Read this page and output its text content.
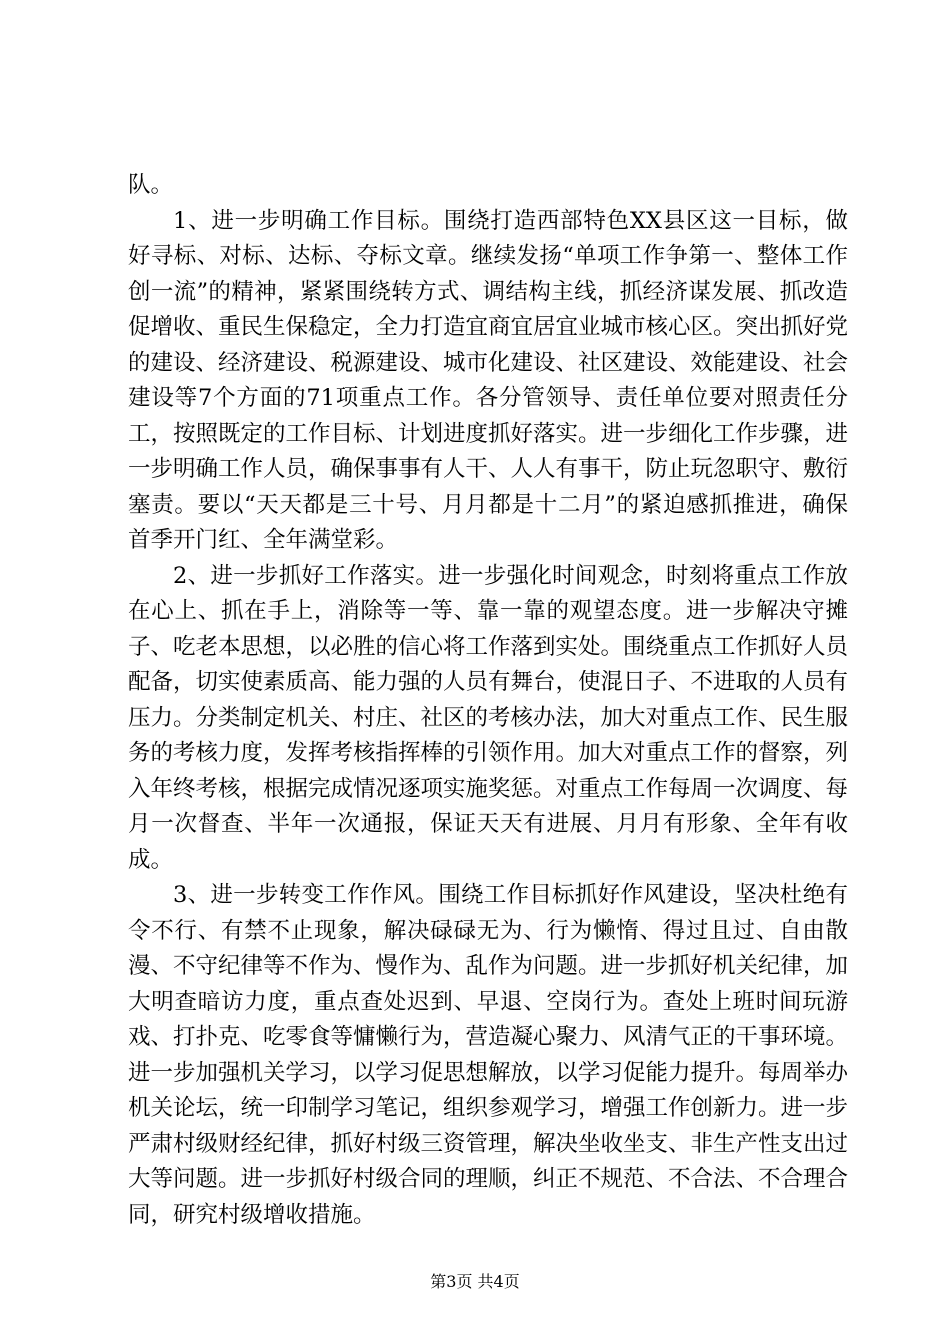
队。

1、进一步明确工作目标。围绕打造西部特色XX县区这一目标，做好寻标、对标、达标、夺标文章。继续发扬“单项工作争第一、整体工作创一流”的精神，紧紧围绕转方式、调结构主线，抓经济谋发展、抓改造促增收、重民生保稳定，全力打造宜商宜居宜业城市核心区。突出抓好党的建设、经济建设、税源建设、城市化建设、社区建设、效能建设、社会建设等7个方面的71项重点工作。各分管领导、责任单位要对照责任分工，按照既定的工作目标、计划进度抓好落实。进一步细化工作步骤，进一步明确工作人员，确保事事有人干、人人有事干，防止玩忽职守、敷衍塞责。要以“天天都是三十号、月月都是十二月”的紧迫感抓推进，确保首季开门红、全年满堂彩。

2、进一步抓好工作落实。进一步强化时间观念，时刻将重点工作放在心上、抓在手上，消除等一等、靠一靠的观望态度。进一步解决守摊子、吃老本思想，以必胜的信心将工作落到实处。围绕重点工作抓好人员配备，切实使素质高、能力强的人员有舞台，使混日子、不进取的人员有压力。分类制定机关、村庄、社区的考核办法，加大对重点工作、民生服务的考核力度，发挥考核指挥棒的引领作用。加大对重点工作的督察，列入年终考核，根据完成情况逐项实施奖惩。对重点工作每周一次调度、每月一次督查、半年一次通报，保证天天有进展、月月有形象、全年有收成。

3、进一步转变工作作风。围绕工作目标抓好作风建设，坚决杜绝有令不行、有禁不止现象，解决碌碌无为、行为懒惰、得过且过、自由散漫、不守纪律等不作为、慢作为、乱作为问题。进一步抓好机关纪律，加大明查暗访力度，重点查处迟到、早退、空岗行为。查处上班时间玩游戏、打扑克、吃零食等慵懒行为，营造凝心聚力、风清气正的干事环境。进一步加强机关学习，以学习促思想解放，以学习促能力提升。每周举办机关论坛，统一印制学习笔记，组织参观学习，增强工作创新力。进一步严肃村级财经纪律，抓好村级三资管理，解决坐收坐支、非生产性支出过大等问题。进一步抓好村级合同的理顺，纠正不规范、不合法、不合理合同，研究村级增收措施。

第3页 共4页
